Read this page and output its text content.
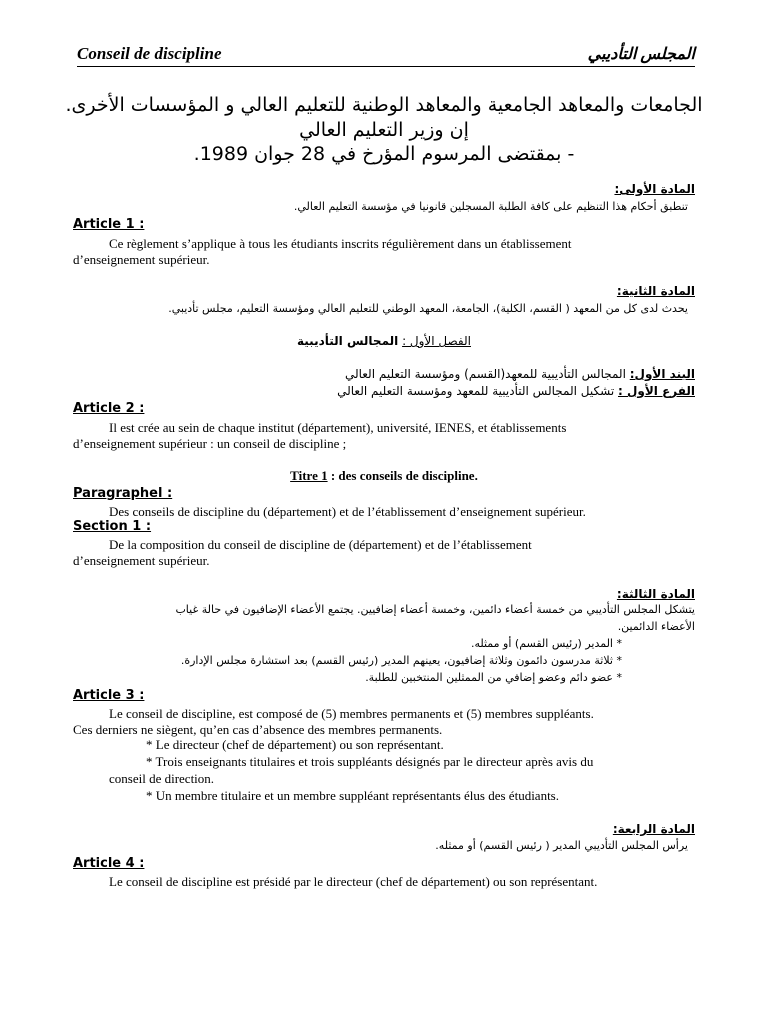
Conseil de discipline	المجلس التأديبي
الجامعات والمعاهد الجامعية والمعاهد الوطنية للتعليم العالي و المؤسسات الأخرى.
إن وزير التعليم العالي
- بمقتضى المرسوم المؤرخ في 28 جوان 1989.
المادة الأولى:
تنطبق أحكام هذا التنظيم على كافة الطلبة المسجلين قانونيا في مؤسسة التعليم العالي.
Article 1 :
Ce règlement s’applique à tous les étudiants inscrits régulièrement dans un établissement
d’enseignement supérieur.
المادة الثانية:
يحدث لدى كل من المعهد ( القسم، الكلية)، الجامعة، المعهد الوطني للتعليم العالي ومؤسسة التعليم، مجلس تأديبي.
الفصل الأول : المجالس التأديبية
البند الأول: المجالس التأديبية للمعهد(القسم) ومؤسسة التعليم العالي
الفرع الأول : تشكيل المجالس التأديبية للمعهد ومؤسسة التعليم العالي
Article 2 :
Il est crée au sein de chaque institut (département), université, IENES, et établissements
d’enseignement supérieur : un conseil de discipline ;
Titre 1 : des conseils de discipline.
Paragraphel :
Des conseils de discipline du (département) et de l’établissement d’enseignement supérieur.
Section 1 :
De la composition du conseil de discipline de (département) et de l’établissement
d’enseignement supérieur.
المادة الثالثة:
يتشكل المجلس التأديبي من خمسة أعضاء دائمين، وخمسة أعضاء إضافيين. يجتمع الأعضاء الإضافيون في حالة غياب
الأعضاء الدائمين.
* المدير (رئيس القسم) أو ممثله.
* ثلاثة مدرسون دائمون وثلاثة إضافيون، يعينهم المدير (رئيس القسم) بعد استشارة مجلس الإدارة.
* عضو دائم وعضو إضافي من الممثلين المنتخبين للطلبة.
Article 3 :
Le conseil de discipline, est composé de (5) membres permanents et (5) membres suppléants.
Ces derniers ne siègent, qu’en cas d’absence des membres permanents.
* Le directeur (chef de département) ou son représentant.
* Trois enseignants titulaires et trois suppléants désignés par le directeur après avis du
conseil de direction.
* Un membre titulaire et un membre suppléant représentants élus des étudiants.
المادة الرابعة:
يرأس المجلس التأديبي المدير ( رئيس القسم) أو ممثله.
Article 4 :
Le conseil de discipline est présidé par le directeur (chef de département) ou son représentant.
